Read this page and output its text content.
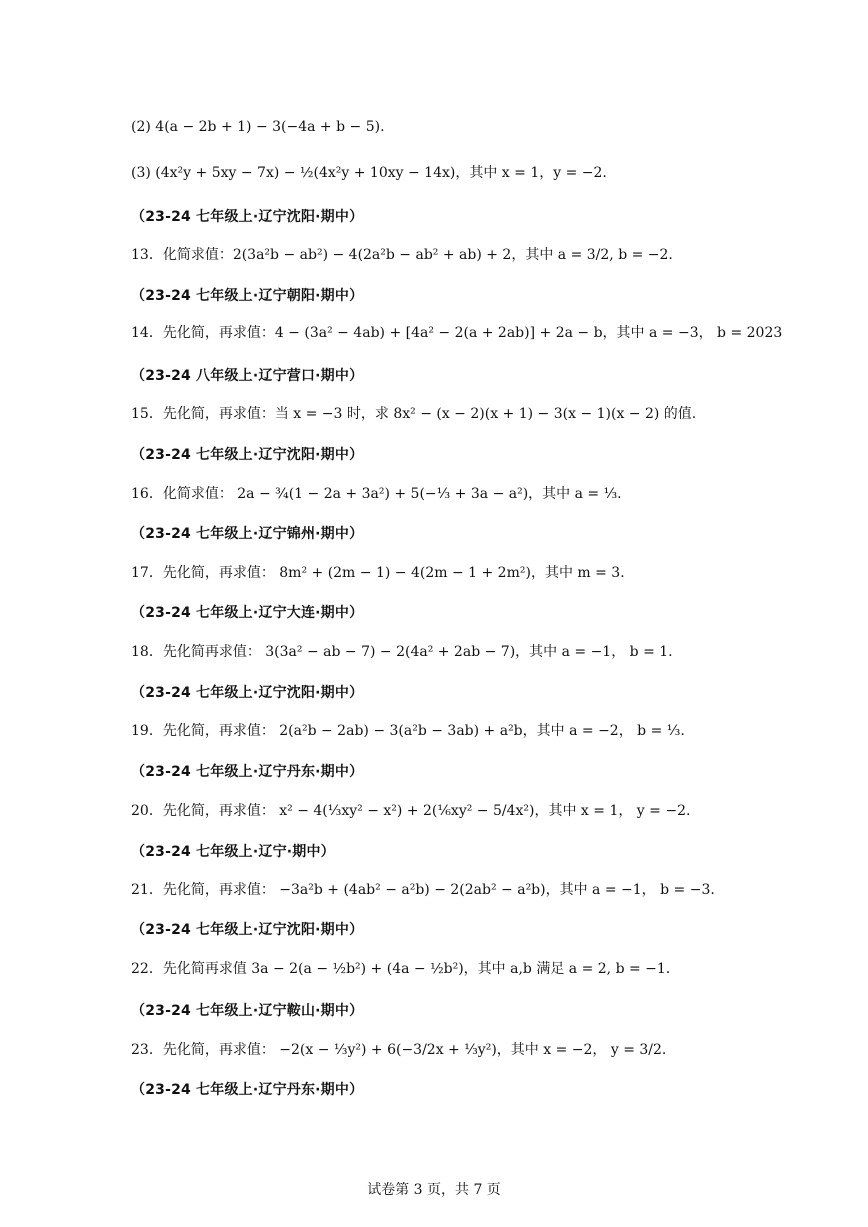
(2) 4(a − 2b + 1) − 3(−4a + b − 5).
(3) (4x²y + 5xy − 7x) − ½(4x²y + 10xy − 14x)，其中 x = 1，y = −2.
（23-24 七年级上·辽宁沈阳·期中）
13．化简求值：2(3a²b − ab²) − 4(2a²b − ab² + ab) + 2，其中 a = 3/2, b = −2.
（23-24 七年级上·辽宁朝阳·期中）
14．先化简，再求值：4 − (3a² − 4ab) + [4a² − 2(a + 2ab)] + 2a − b，其中 a = −3， b = 2023
（23-24 八年级上·辽宁营口·期中）
15．先化简，再求值：当 x = −3 时，求 8x² − (x − 2)(x + 1) − 3(x − 1)(x − 2) 的值.
（23-24 七年级上·辽宁沈阳·期中）
16．化简求值： 2a − ¾(1 − 2a + 3a²) + 5(−⅓ + 3a − a²)，其中 a = ⅓.
（23-24 七年级上·辽宁锦州·期中）
17．先化简，再求值： 8m² + (2m − 1) − 4(2m − 1 + 2m²)，其中 m = 3.
（23-24 七年级上·辽宁大连·期中）
18．先化简再求值： 3(3a² − ab − 7) − 2(4a² + 2ab − 7)，其中 a = −1， b = 1.
（23-24 七年级上·辽宁沈阳·期中）
19．先化简，再求值： 2(a²b − 2ab) − 3(a²b − 3ab) + a²b，其中 a = −2， b = ⅓.
（23-24 七年级上·辽宁丹东·期中）
20．先化简，再求值： x² − 4(⅓xy² − x²) + 2(⅙xy² − 5/4x²)，其中 x = 1， y = −2.
（23-24 七年级上·辽宁·期中）
21．先化简，再求值： −3a²b + (4ab² − a²b) − 2(2ab² − a²b)，其中 a = −1， b = −3.
（23-24 七年级上·辽宁沈阳·期中）
22．先化简再求值 3a − 2(a − ½b²) + (4a − ½b²)，其中 a,b 满足 a = 2, b = −1.
（23-24 七年级上·辽宁鞍山·期中）
23．先化简，再求值： −2(x − ⅓y²) + 6(−3/2x + ⅓y²)，其中 x = −2， y = 3/2.
（23-24 七年级上·辽宁丹东·期中）
试卷第 3 页，共 7 页
